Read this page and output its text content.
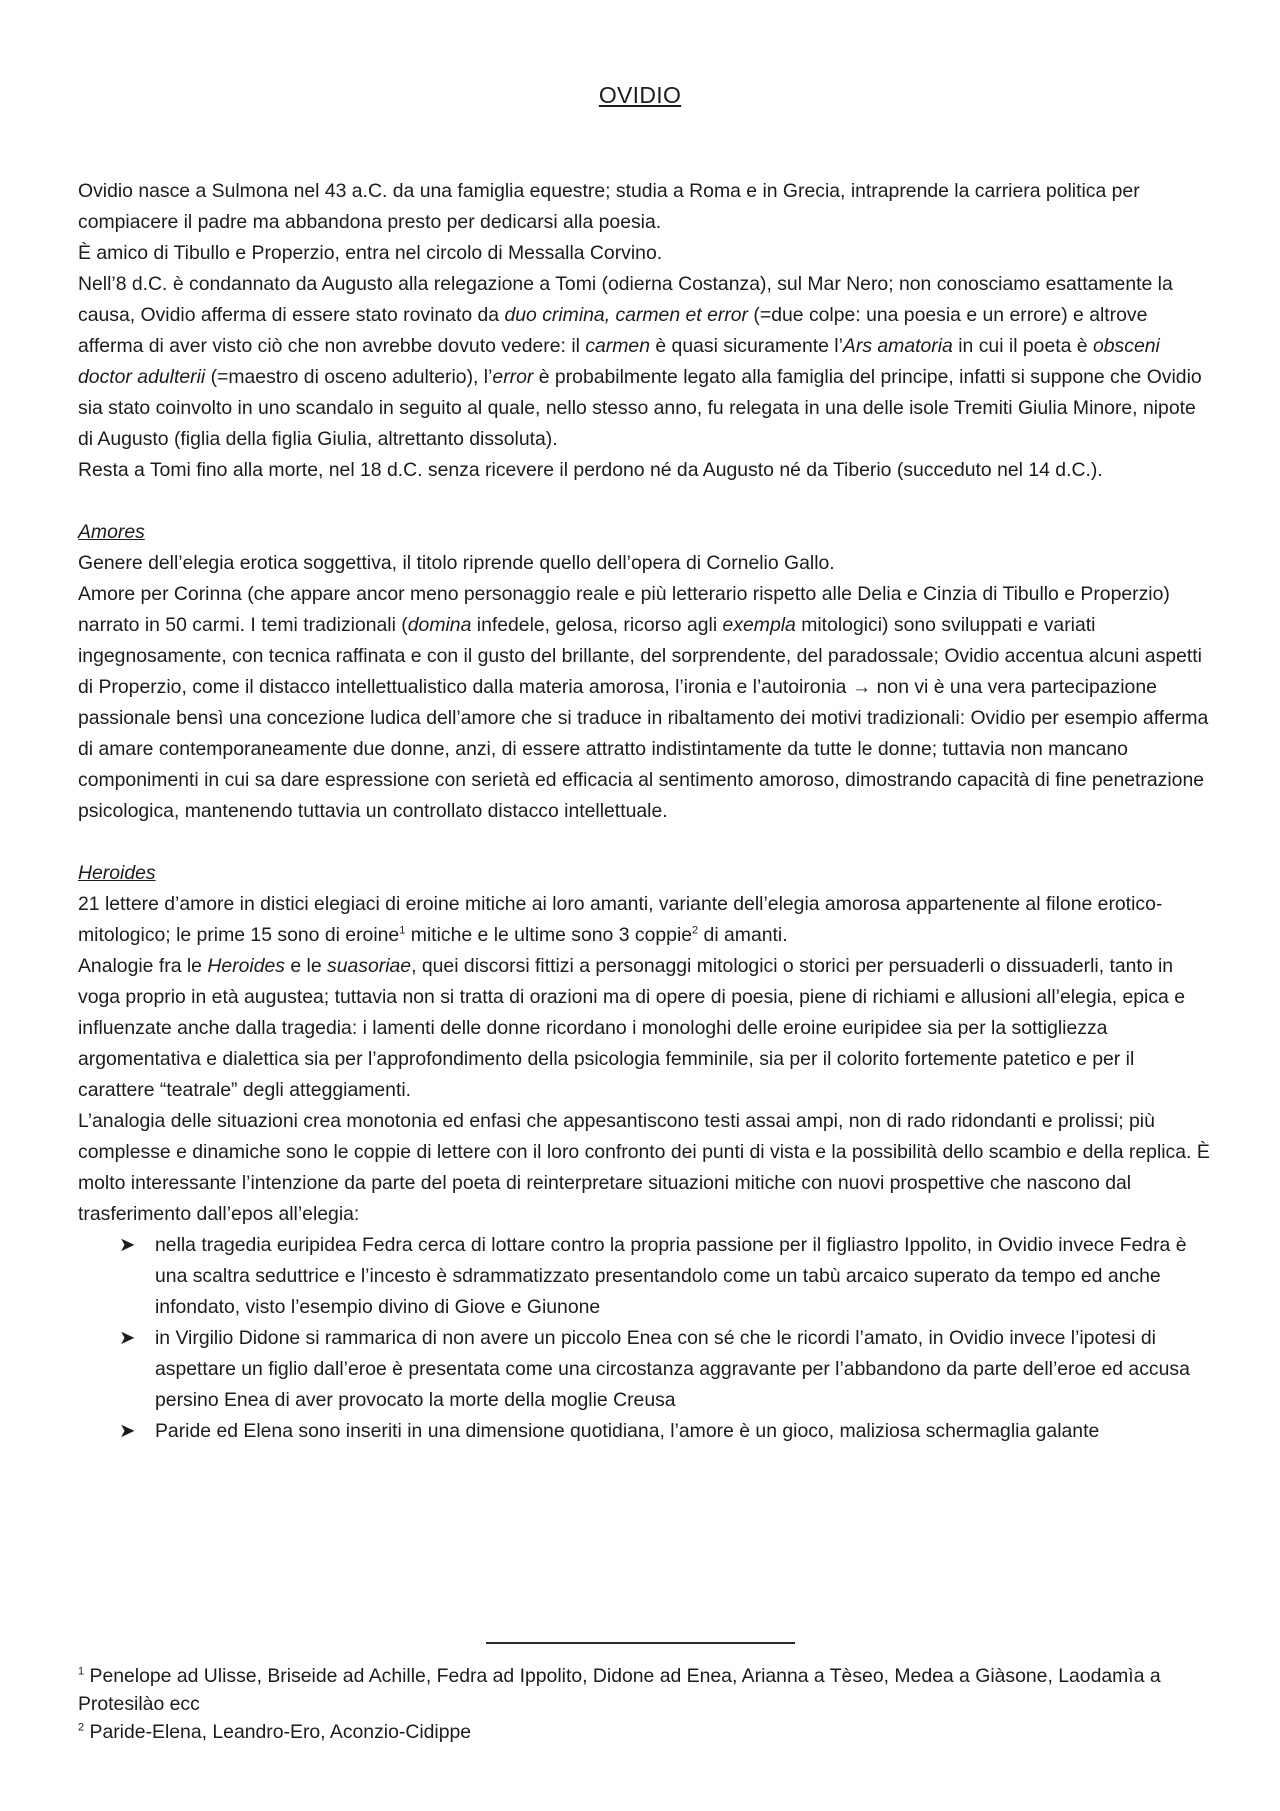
OVIDIO

Ovidio nasce a Sulmona nel 43 a.C. da una famiglia equestre; studia a Roma e in Grecia, intraprende la carriera politica per compiacere il padre ma abbandona presto per dedicarsi alla poesia.

È amico di Tibullo e Properzio, entra nel circolo di Messalla Corvino.

Nell’8 d.C. è condannato da Augusto alla relegazione a Tomi (odierna Costanza), sul Mar Nero; non conosciamo esattamente la causa, Ovidio afferma di essere stato rovinato da duo crimina, carmen et error (=due colpe: una poesia e un errore) e altrove afferma di aver visto ciò che non avrebbe dovuto vedere: il carmen è quasi sicuramente l’Ars amatoria in cui il poeta è obsceni doctor adulterii (=maestro di osceno adulterio), l’error è probabilmente legato alla famiglia del principe, infatti si suppone che Ovidio sia stato coinvolto in uno scandalo in seguito al quale, nello stesso anno, fu relegata in una delle isole Tremiti Giulia Minore, nipote di Augusto (figlia della figlia Giulia, altrettanto dissoluta).

Resta a Tomi fino alla morte, nel 18 d.C. senza ricevere il perdono né da Augusto né da Tiberio (succeduto nel 14 d.C.).

Amores

Genere dell’elegia erotica soggettiva, il titolo riprende quello dell’opera di Cornelio Gallo.

Amore per Corinna (che appare ancor meno personaggio reale e più letterario rispetto alle Delia e Cinzia di Tibullo e Properzio) narrato in 50 carmi. I temi tradizionali (domina infedele, gelosa, ricorso agli exempla mitologici) sono sviluppati e variati ingegnosamente, con tecnica raffinata e con il gusto del brillante, del sorprendente, del paradossale; Ovidio accentua alcuni aspetti di Properzio, come il distacco intellettualistico dalla materia amorosa, l’ironia e l’autoironia → non vi è una vera partecipazione passionale bensì una concezione ludica dell’amore che si traduce in ribaltamento dei motivi tradizionali: Ovidio per esempio afferma di amare contemporaneamente due donne, anzi, di essere attratto indistintamente da tutte le donne; tuttavia non mancano componimenti in cui sa dare espressione con serietà ed efficacia al sentimento amoroso, dimostrando capacità di fine penetrazione psicologica, mantenendo tuttavia un controllato distacco intellettuale.

Heroides

21 lettere d’amore in distici elegiaci di eroine mitiche ai loro amanti, variante dell’elegia amorosa appartenente al filone erotico-mitologico; le prime 15 sono di eroine$^1$ mitiche e le ultime sono 3 coppie$^2$ di amanti.

Analogie fra le Heroides e le suasoriae, quei discorsi fittizi a personaggi mitologici o storici per persuaderli o dissuaderli, tanto in voga proprio in età augustea; tuttavia non si tratta di orazioni ma di opere di poesia, piene di richiami e allusioni all’elegia, epica e influenzate anche dalla tragedia: i lamenti delle donne ricordano i monologhi delle eroine euripidee sia per la sottigliezza argomentativa e dialettica sia per l’approfondimento della psicologia femminile, sia per il colorito fortemente patetico e per il carattere “teatrale” degli atteggiamenti.

L’analogia delle situazioni crea monotonia ed enfasi che appesantiscono testi assai ampi, non di rado ridondanti e prolissi; più complesse e dinamiche sono le coppie di lettere con il loro confronto dei punti di vista e la possibilità dello scambio e della replica. È molto interessante l’intenzione da parte del poeta di reinterpretare situazioni mitiche con nuovi prospettive che nascono dal trasferimento dall’epos all’elegia:

➤ nella tragedia euripidea Fedra cerca di lottare contro la propria passione per il figliastro Ippolito, in Ovidio invece Fedra è una scaltra seduttrice e l’incesto è sdrammatizzato presentandolo come un tabù arcaico superato da tempo ed anche infondato, visto l’esempio divino di Giove e Giunone
➤ in Virgilio Didone si rammarica di non avere un piccolo Enea con sé che le ricordi l’amato, in Ovidio invece l’ipotesi di aspettare un figlio dall’eroe è presentata come una circostanza aggravante per l’abbandono da parte dell’eroe ed accusa persino Enea di aver provocato la morte della moglie Creusa
➤ Paride ed Elena sono inseriti in una dimensione quotidiana, l’amore è un gioco, maliziosa schermaglia galante

$^1$ Penelope ad Ulisse, Briseide ad Achille, Fedra ad Ippolito, Didone ad Enea, Arianna a Tèseo, Medea a Giàsone, Laodamìa a Protesilào ecc

$^2$ Paride-Elena, Leandro-Ero, Aconzio-Cidippe
